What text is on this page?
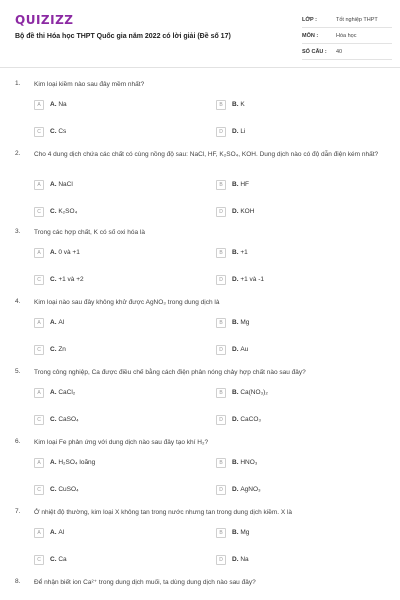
QUIZIZZ
Bộ đề thi Hóa học THPT Quốc gia năm 2022 có lời giải (Đề số 17)
LỚP :	Tốt nghiệp THPT
MÔN :	Hóa học
SỐ CÂU :	40
1. Kim loại kiềm nào sau đây mềm nhất?
A	A. Na	B	B. K
C	C. Cs	D	D. Li
2. Cho 4 dung dịch chứa các chất có cùng nồng độ sau: NaCl, HF, K₂SO₄, KOH. Dung dịch nào có độ dẫn điện kém nhất?
A	A. NaCl	B	B. HF
C	C. K₂SO₄	D	D. KOH
3. Trong các hợp chất, K có số oxi hóa là
A	A. 0 và +1	B	B. +1
C	C. +1 và +2	D	D. +1 và -1
4. Kim loại nào sau đây không khử được AgNO₃ trong dung dịch là
A	A. Al	B	B. Mg
C	C. Zn	D	D. Au
5. Trong công nghiệp, Ca được điều chế bằng cách điện phân nóng chảy hợp chất nào sau đây?
A	A. CaCl₂	B	B. Ca(NO₃)₂
C	C. CaSO₄	D	D. CaCO₃
6. Kim loại Fe phản ứng với dung dịch nào sau đây tạo khí H₂?
A	A. H₂SO₄ loãng	B	B. HNO₃
C	C. CuSO₄	D	D. AgNO₃
7. Ở nhiệt độ thường, kim loại X không tan trong nước nhưng tan trong dung dịch kiềm. X là
A	A. Al	B	B. Mg
C	C. Ca	D	D. Na
8. Để nhận biết ion Ca²⁺ trong dung dịch muối, ta dùng dung dịch nào sau đây?
